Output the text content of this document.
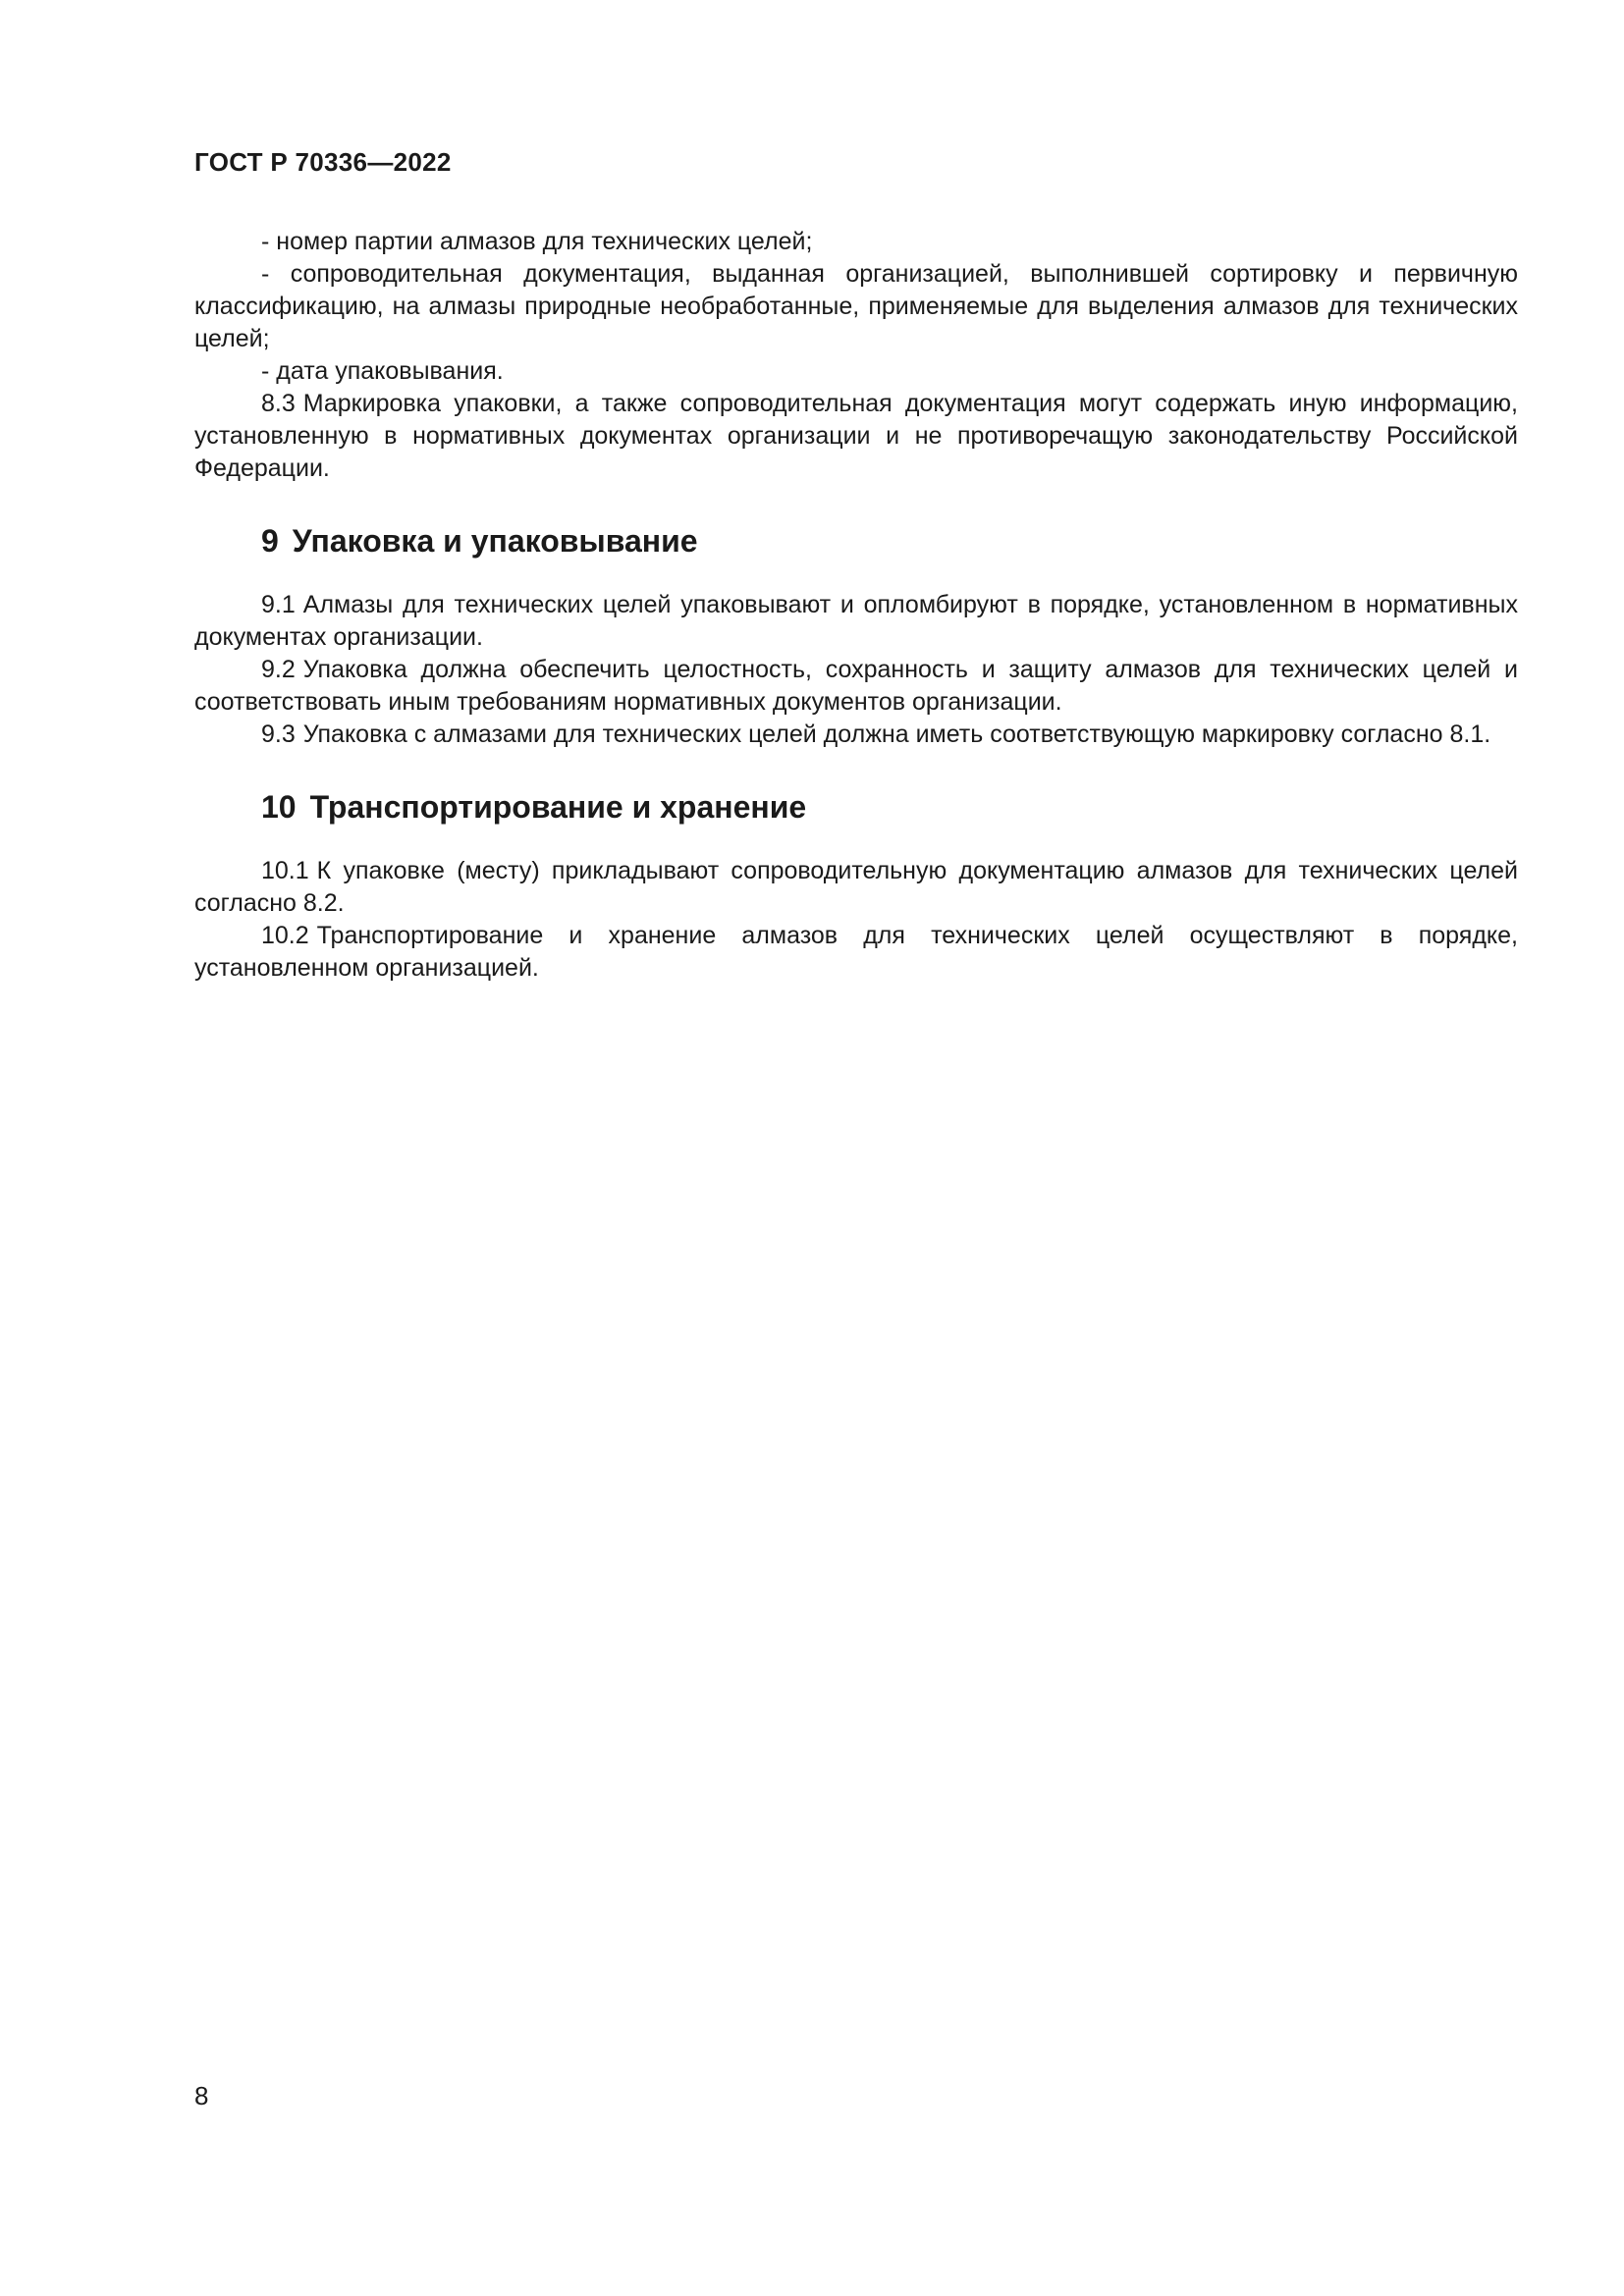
ГОСТ Р 70336—2022

- номер партии алмазов для технических целей;

- сопроводительная документация, выданная организацией, выполнившей сортировку и первичную классификацию, на алмазы природные необработанные, применяемые для выделения алмазов для технических целей;

- дата упаковывания.

8.3 Маркировка упаковки, а также сопроводительная документация могут содержать иную информацию, установленную в нормативных документах организации и не противоречащую законодательству Российской Федерации.

9 Упаковка и упаковывание

9.1 Алмазы для технических целей упаковывают и опломбируют в порядке, установленном в нормативных документах организации.

9.2 Упаковка должна обеспечить целостность, сохранность и защиту алмазов для технических целей и соответствовать иным требованиям нормативных документов организации.

9.3 Упаковка с алмазами для технических целей должна иметь соответствующую маркировку согласно 8.1.

10 Транспортирование и хранение

10.1 К упаковке (месту) прикладывают сопроводительную документацию алмазов для технических целей согласно 8.2.

10.2 Транспортирование и хранение алмазов для технических целей осуществляют в порядке, установленном организацией.

8
